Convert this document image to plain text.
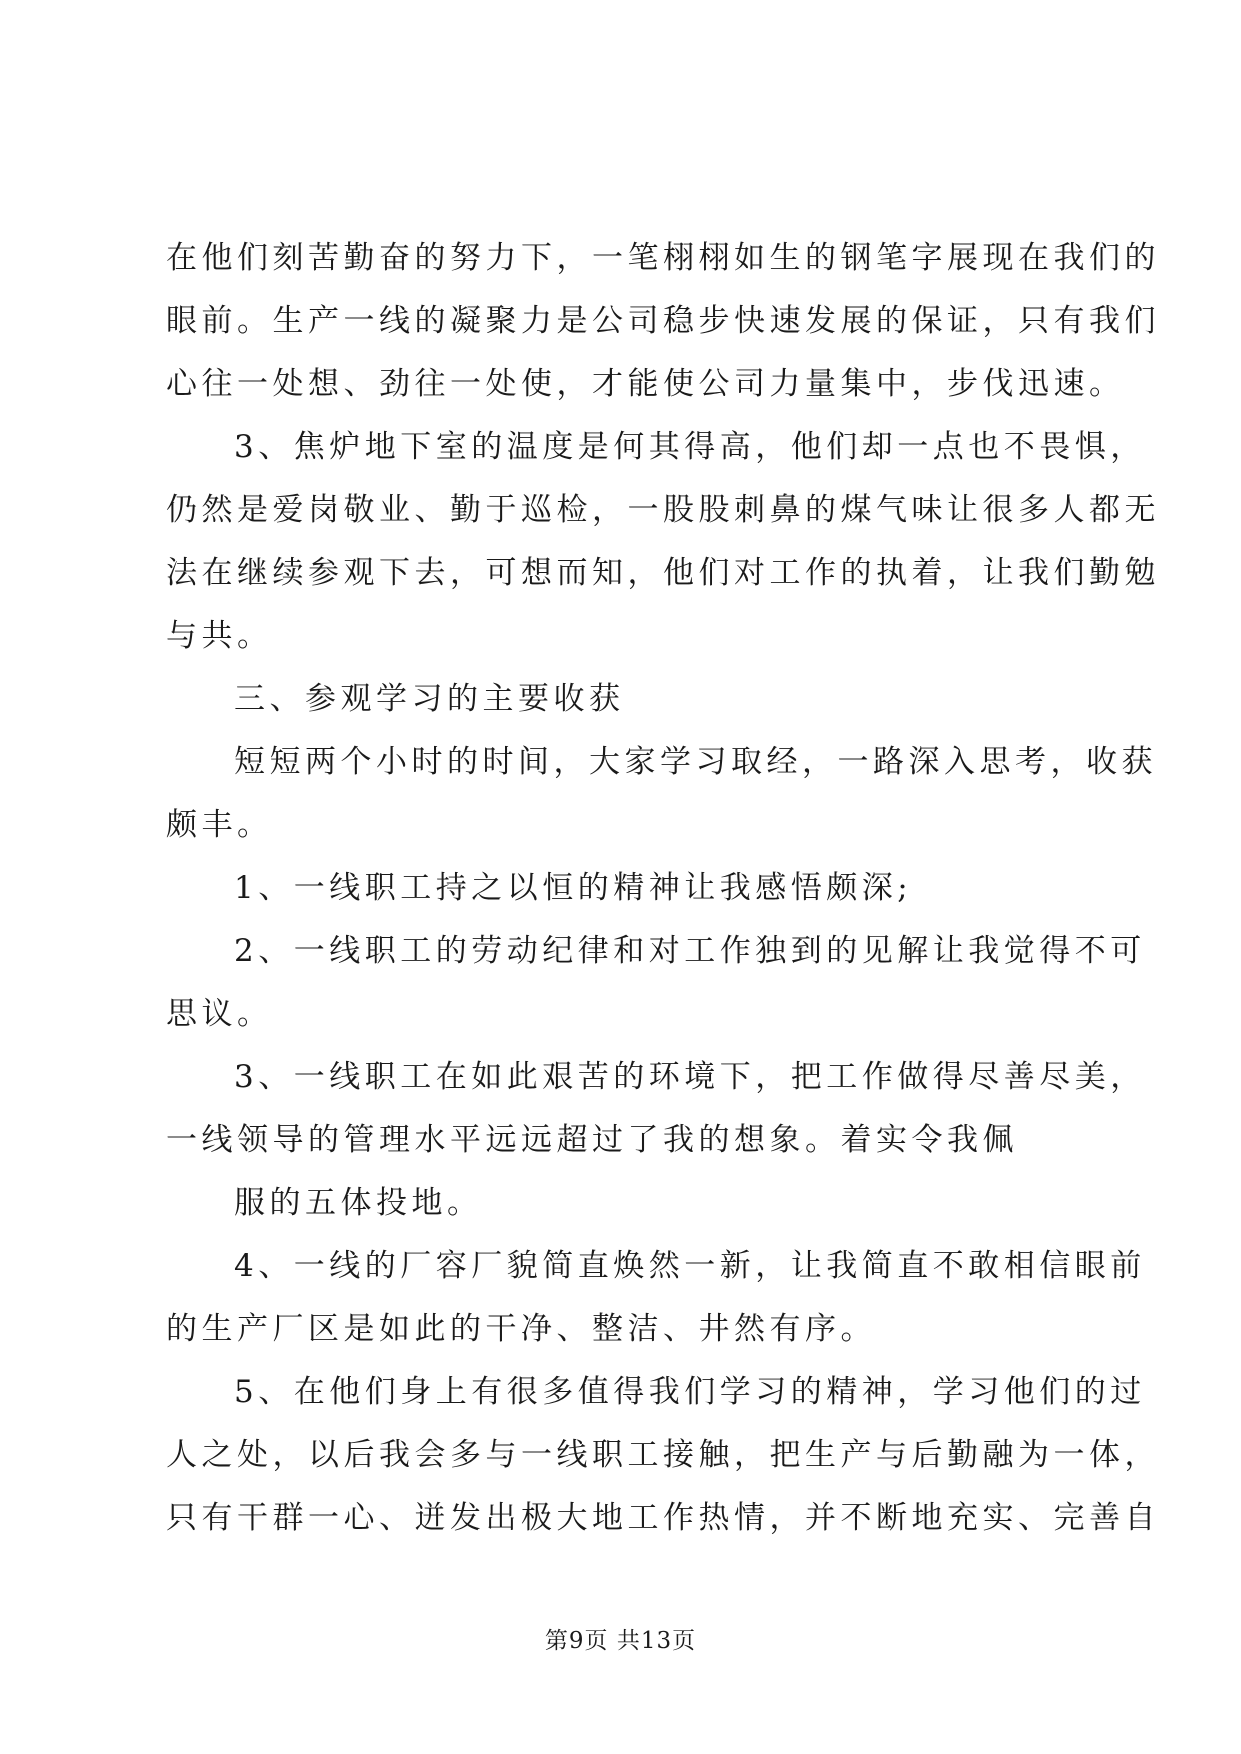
在他们刻苦勤奋的努力下，一笔栩栩如生的钢笔字展现在我们的
眼前。生产一线的凝聚力是公司稳步快速发展的保证，只有我们
心往一处想、劲往一处使，才能使公司力量集中，步伐迅速。
3、焦炉地下室的温度是何其得高，他们却一点也不畏惧，
仍然是爱岗敬业、勤于巡检，一股股刺鼻的煤气味让很多人都无
法在继续参观下去，可想而知，他们对工作的执着，让我们勤勉
与共。
三、参观学习的主要收获
短短两个小时的时间，大家学习取经，一路深入思考，收获
颇丰。
1、一线职工持之以恒的精神让我感悟颇深;
2、一线职工的劳动纪律和对工作独到的见解让我觉得不可
思议。
3、一线职工在如此艰苦的环境下，把工作做得尽善尽美，
一线领导的管理水平远远超过了我的想象。着实令我佩
服的五体投地。
4、一线的厂容厂貌简直焕然一新，让我简直不敢相信眼前
的生产厂区是如此的干净、整洁、井然有序。
5、在他们身上有很多值得我们学习的精神，学习他们的过
人之处，以后我会多与一线职工接触，把生产与后勤融为一体，
只有干群一心、迸发出极大地工作热情，并不断地充实、完善自
第9页 共13页
